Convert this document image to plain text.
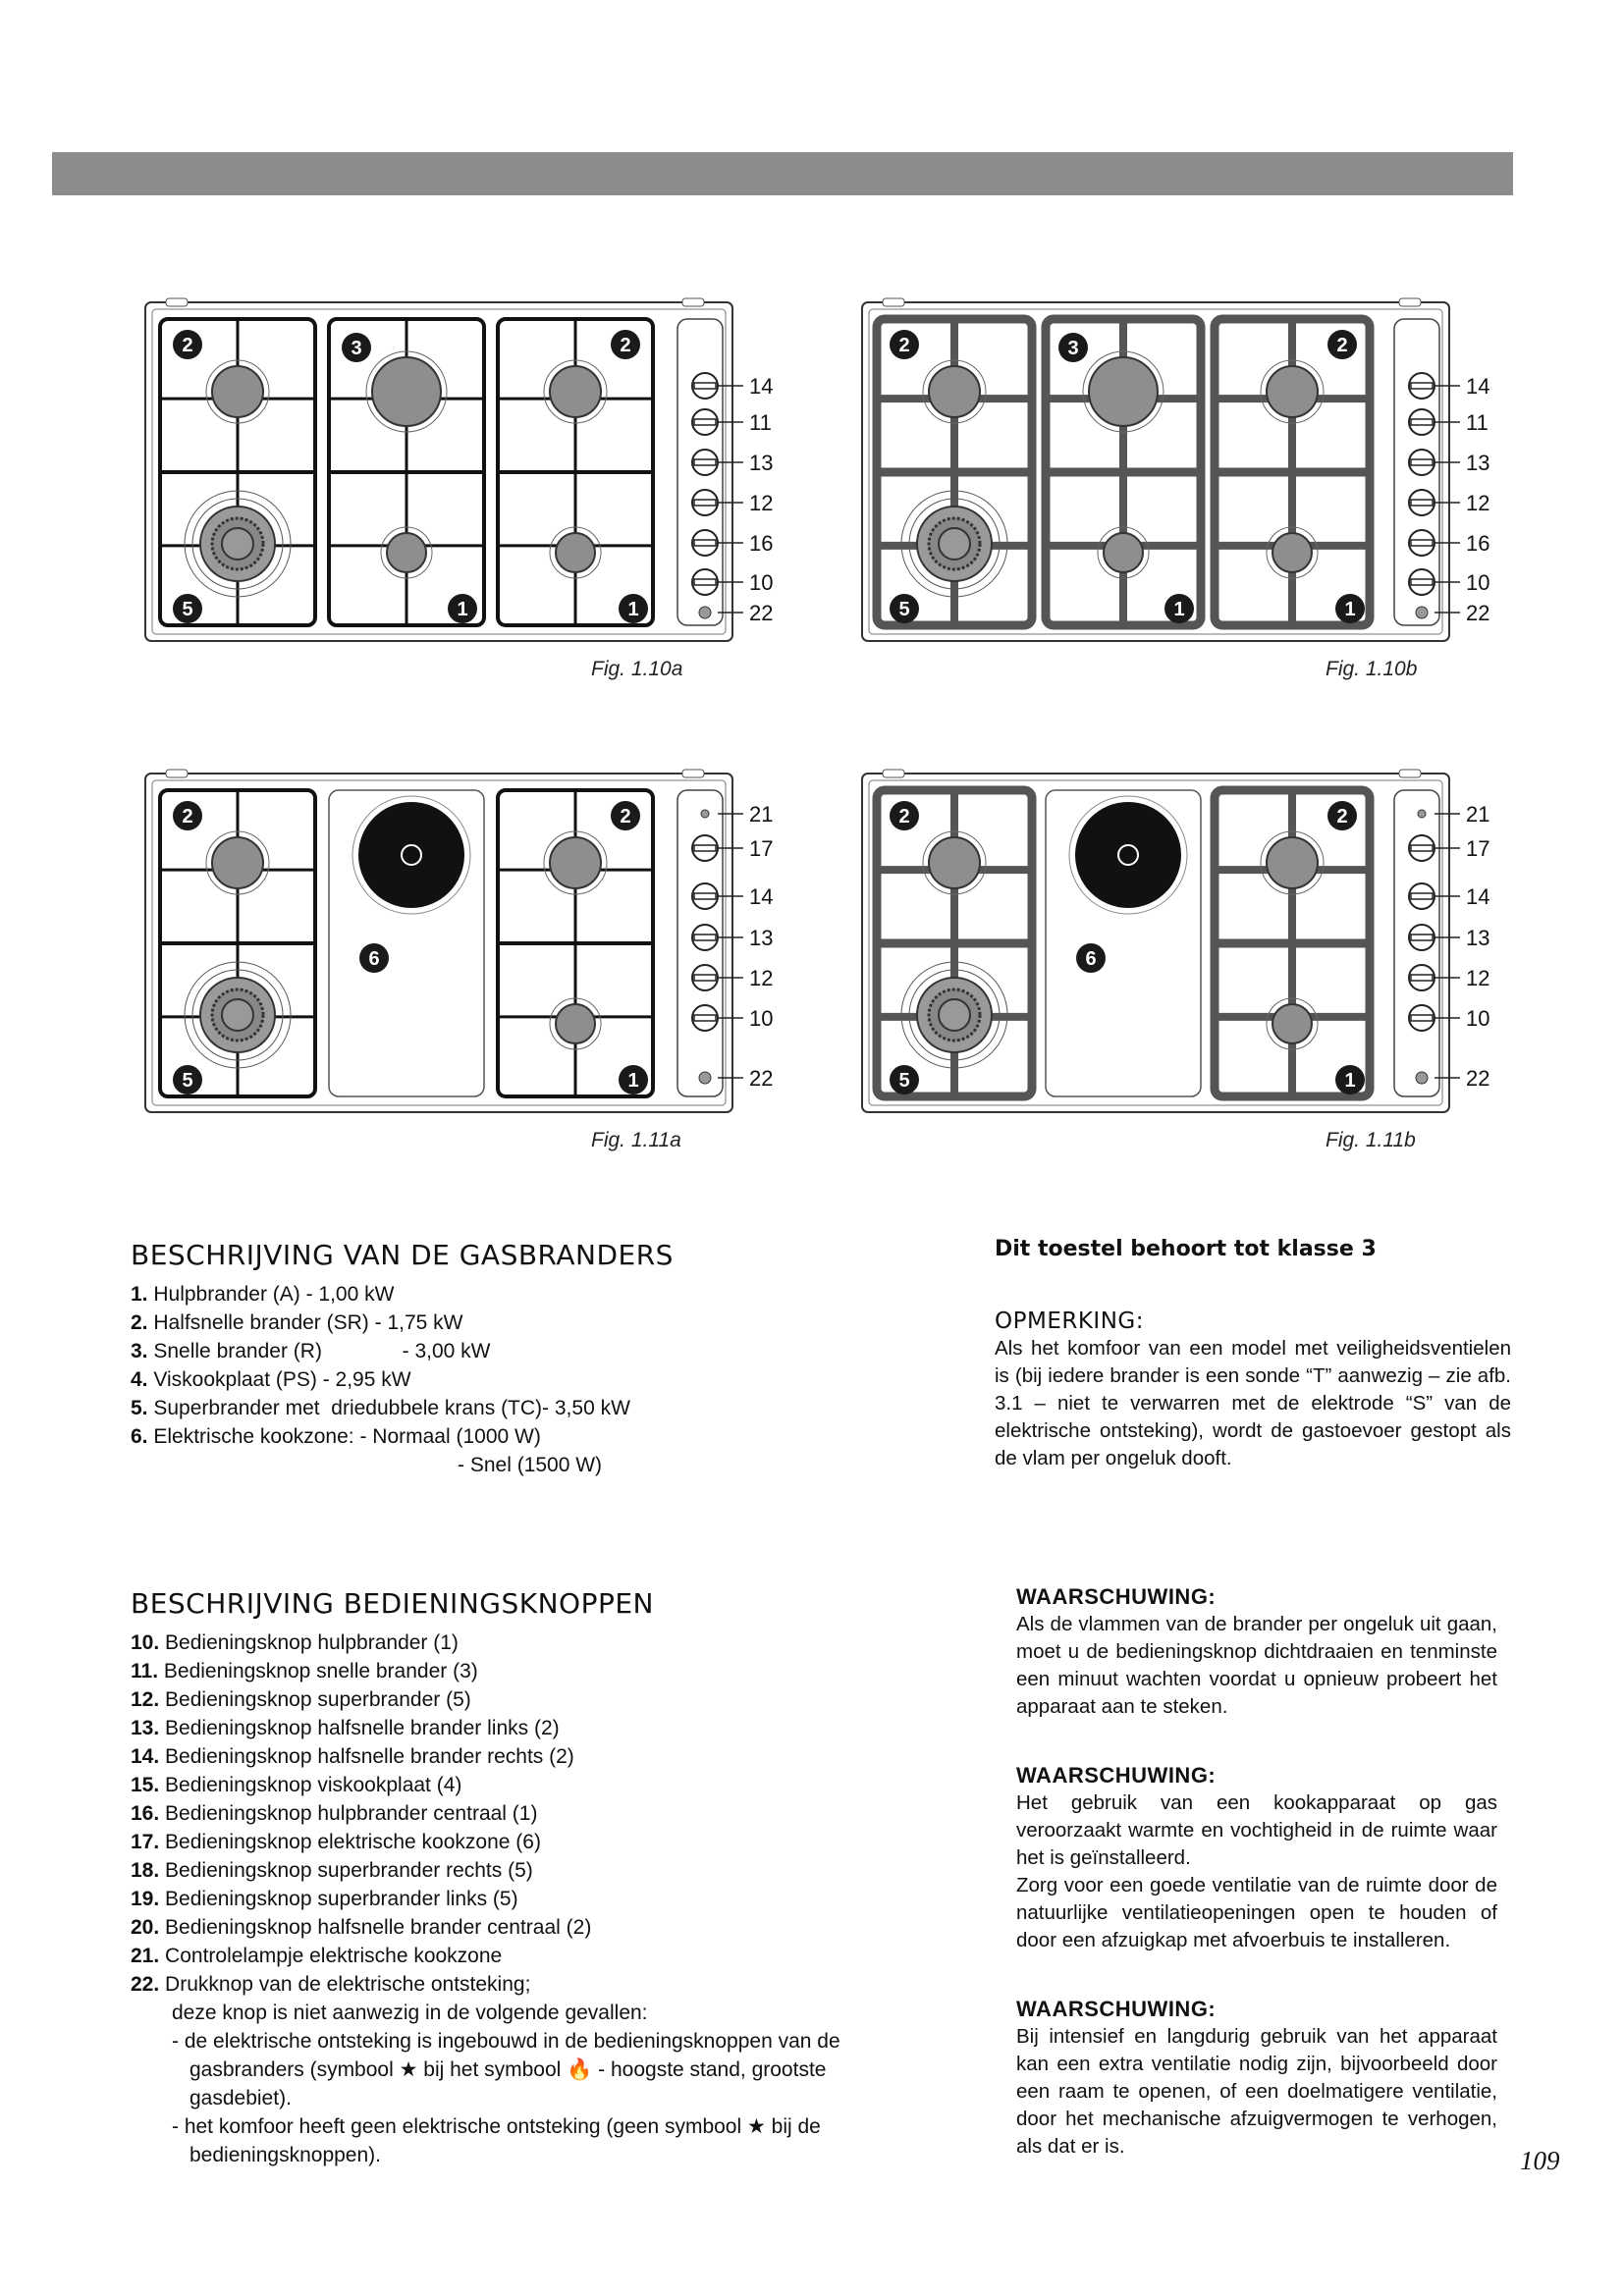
2	3	2
5	1	1
14
11
13
12
16
10
22
Fig. 1.10a
2	3	2
5	1	1
14
11
13
12
16
10
22
Fig. 1.10b
2
6
2
5	1
21
17
14
13
12
10
22
Fig. 1.11a
2
6
2
5	1
21
17
14
13
12
10
22
Fig. 1.11b
BESCHRIJVING VAN DE GASBRANDERS
1. Hulpbrander (A) - 1,00 kW
2. Halfsnelle brander (SR) - 1,75 kW
3. Snelle brander (R)              - 3,00 kW
4. Viskookplaat (PS) - 2,95 kW
5. Superbrander met  driedubbele krans (TC)- 3,50 kW
6. Elektrische kookzone: - Normaal (1000 W)
- Snel (1500 W)
Dit toestel behoort tot klasse 3
OPMERKING:

Als het komfoor van een model met veiligheidsventielen is (bij iedere brander is een sonde “T” aanwezig – zie afb. 3.1 – niet te verwarren met de elektrode “S” van de elektrische ontsteking), wordt de gastoevoer gestopt als de vlam per ongeluk dooft.

BESCHRIJVING BEDIENINGSKNOPPEN
10. Bedieningsknop hulpbrander (1)
11. Bedieningsknop snelle brander (3)
12. Bedieningsknop superbrander (5)
13. Bedieningsknop halfsnelle brander links (2)
14. Bedieningsknop halfsnelle brander rechts (2)
15. Bedieningsknop viskookplaat (4)
16. Bedieningsknop hulpbrander centraal (1)
17. Bedieningsknop elektrische kookzone (6)
18. Bedieningsknop superbrander rechts (5)
19. Bedieningsknop superbrander links (5)
20. Bedieningsknop halfsnelle brander centraal (2)
21. Controlelampje elektrische kookzone
22. Drukknop van de elektrische ontsteking;
deze knop is niet aanwezig in de volgende gevallen:
- de elektrische ontsteking is ingebouwd in de bedieningsknoppen van de gasbranders (symbool ★ bij het symbool 🔥 - hoogste stand, grootste gasdebiet).
- het komfoor heeft geen elektrische ontsteking (geen symbool ★ bij de bedieningsknoppen).
WAARSCHUWING:

Als de vlammen van de brander per ongeluk uit gaan, moet u de bedieningsknop dichtdraaien en tenminste een minuut wachten voordat u opnieuw probeert het apparaat aan te steken.

WAARSCHUWING:

Het gebruik van een kookapparaat op gas veroorzaakt warmte en vochtigheid in de ruimte waar het is geïnstalleerd.

Zorg voor een goede ventilatie van de ruimte door de natuurlijke ventilatieopeningen open te houden of door een afzuigkap met afvoerbuis te installeren.

WAARSCHUWING:

Bij intensief en langdurig gebruik van het apparaat kan een extra ventilatie nodig zijn, bijvoorbeeld door een raam te openen, of een doelmatigere ventilatie, door het mechanische afzuigvermogen te verhogen, als dat er is.	109
